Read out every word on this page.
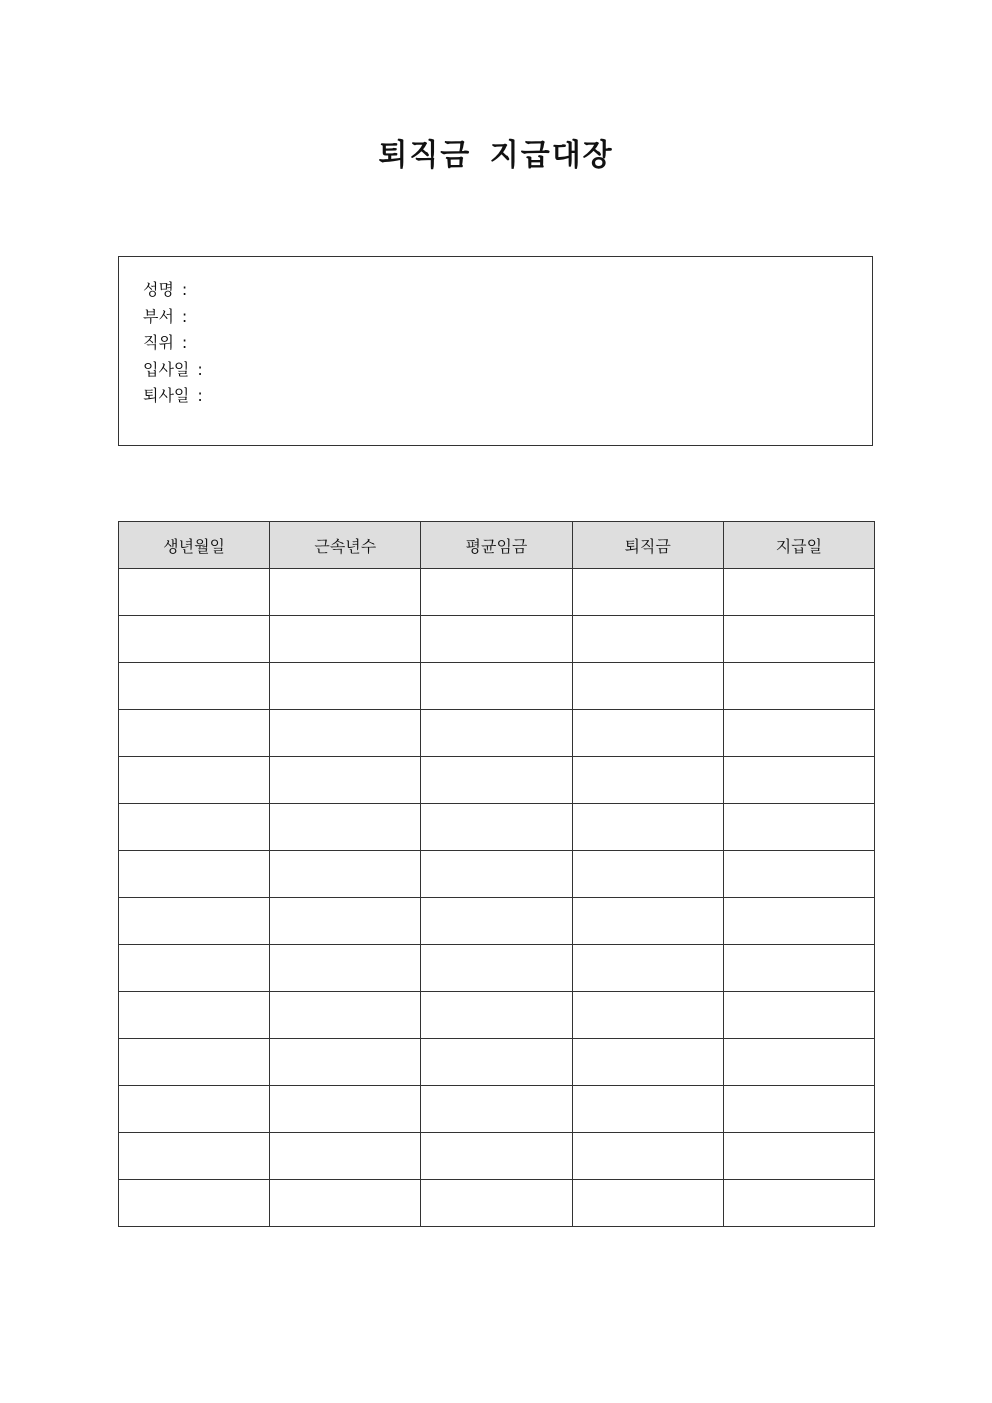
퇴직금 지급대장
성명 :
부서 :
직위 :
입사일 :
퇴사일 :
생년월일	근속년수	평균임금	퇴직금	지급일
